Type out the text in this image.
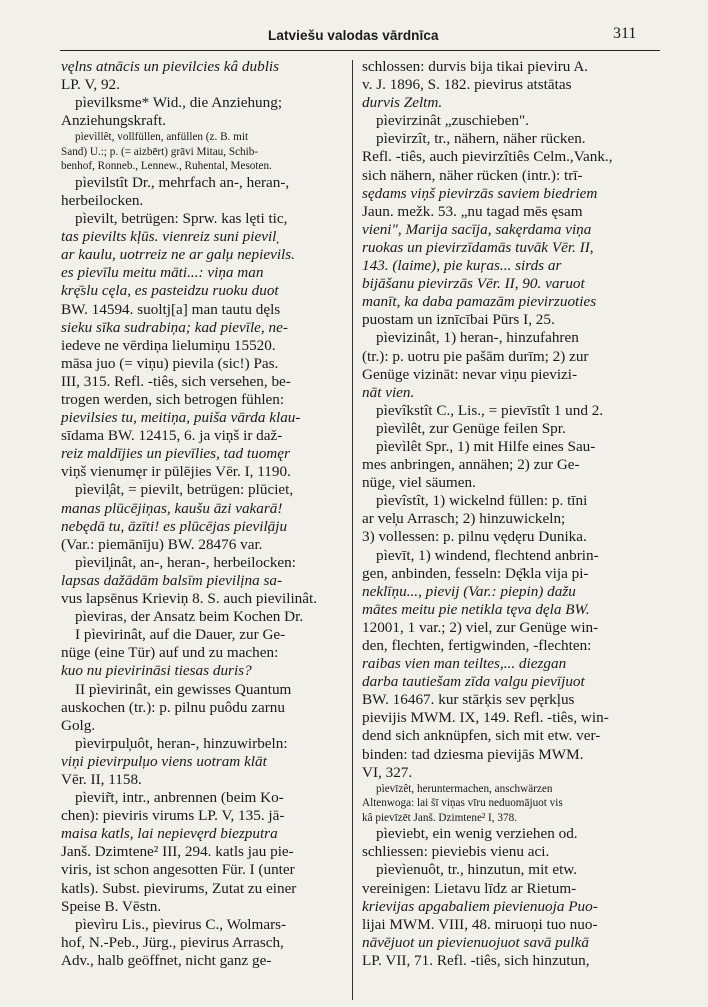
Latviešu valodas vārdnīca	311

vęlns atnācis un pievilcies kâ dublis

LP. V, 92.

pìevilksme* Wid., die Anziehung;

Anziehungskraft.

pìevìllêt, vollfüllen, anfüllen (z. B. mit

Sand) U.:; p. (= aizbērt) grāvi Mitau, Schib-

benhof, Ronneb., Lennew., Ruhental, Mesoten.

pìevilstît Dr., mehrfach an-, heran-,

herbeilocken.

pìevilt, betrügen: Sprw. kas lęti tic,

tas pievilts kļūs. vienreiz suni pievil̦

ar kaulu, uotrreiz ne ar gal̦u nepievils.

es pievīlu meitu māti...: viņa man

krę̄slu cęla, es pasteidzu ruoku duot

BW. 14594. suoltj[a] man tautu dęls

sieku sīka sudrabiņa; kad pievīle, ne-

iedeve ne vērdiņa lielumiņu 15520.

māsa juo (= viņu) pievila (sic!) Pas.

III, 315. Refl. -tiês, sich versehen, be-

trogen werden, sich betrogen fühlen:

pievilsies tu, meitiņa, puiša vārda klau-

sīdama BW. 12415, 6. ja viņš ir daž-

reiz maldījies un pievīlies, tad tuomęr

viņš vienumęr ir pūlējies Vēr. I, 1190.

pìevil̦ât, = pievilt, betrügen: plūciet,

manas plūcējiņas, kaušu āzi vakarā!

nebędā tu, āzīti! es plūcējas pievil̦āju

(Var.: piemānīju) BW. 28476 var.

pìevil̦inât, an-, heran-, herbeilocken:

lapsas dažādām balsīm pievil̦ina sa-

vus lapsēnus Krieviņ 8. S. auch pievilinât.

pìeviras, der Ansatz beim Kochen Dr.

I pìevirinât, auf die Dauer, zur Ge-

nüge (eine Tür) auf und zu machen:

kuo nu pievirināsi tiesas duris?

II pìevirinât, ein gewisses Quantum

auskochen (tr.): p. pilnu puôdu zarnu

Golg.

pìevirpul̦uôt, heran-, hinzuwirbeln:

viņi pievirpul̦uo viens uotram klāt

Vēr. II, 1158.

pìevir̃t, intr., anbrennen (beim Ko-

chen): pieviris virums LP. V, 135. jā-

maisa katls, lai nepievęrd biezputra

Janš. Dzimtene² III, 294. katls jau pie-

viris, ist schon angesotten Für. I (unter

katls). Subst. pievirums, Zutat zu einer

Speise B. Vēstn.

pìevìru Lis., pìevirus C., Wolmars-

hof, N.-Peb., Jürg., pievirus Arrasch,

Adv., halb geöffnet, nicht ganz ge-

schlossen: durvis bija tikai pieviru A.

v. J. 1896, S. 182. pievirus atstātas

durvis Zeltm.

pìevirzinât „zuschieben".

pìevirzît, tr., nähern, näher rücken.

Refl. -tiês, auch pievirzîtiês Celm.,Vank.,

sich nähern, näher rücken (intr.): trī-

sędams viņš pievirzās saviem biedriem

Jaun. mežk. 53. „nu tagad mēs ęsam

vieni", Marija sacīja, sakęrdama viņa

ruokas un pievirzīdamās tuvāk Vēr. II,

143. (laime), pie kuŗas... sirds ar

bijāšanu pievirzās Vēr. II, 90. varuot

manīt, ka daba pamazām pievirzuoties

puostam un iznīcībai Pūrs I, 25.

pìevizinât, 1) heran-, hinzufahren

(tr.): p. uotru pie pašām durīm; 2) zur

Genüge vizināt: nevar viņu pievizi-

nāt vien.

pìevîkstît C., Lis., = pievīstît 1 und 2.

pìevìlêt, zur Genüge feilen Spr.

pìevìlêt Spr., 1) mit Hilfe eines Sau-

mes anbringen, annähen; 2) zur Ge-

nüge, viel säumen.

pìevîstît, 1) wickelnd füllen: p. tīni

ar vel̦u Arrasch; 2) hinzuwickeln;

3) vollessen: p. pilnu vędęru Dunika.

pìevīt, 1) windend, flechtend anbrin-

gen, anbinden, fesseln: Dę̄kla vija pi-

neklīņu..., pievij (Var.: piepin) dažu

mātes meitu pie netikla tęva dęla BW.

12001, 1 var.; 2) viel, zur Genüge win-

den, flechten, fertigwinden, -flechten:

raibas vien man teiltes,... diezgan

darba tautiešam zīda valgu pievījuot

BW. 16467. kur stārķis sev pęrkļus

pievijis MWM. IX, 149. Refl. -tiês, win-

dend sich anknüpfen, sich mit etw. ver-

binden: tad dziesma pievijās MWM.

VI, 327.

pìevīzêt, heruntermachen, anschwärzen

Altenwoga: lai šī viņas vīru neduomājuot vis

kâ pievīzēt Janš. Dzimtene² I, 378.

pìeviebt, ein wenig verziehen od.

schliessen: pieviebis vienu aci.

pìevìenuôt, tr., hinzutun, mit etw.

vereinigen: Lietavu līdz ar Rietum-

krievijas apgabaliem pievienuoja Puo-

lijai MWM. VIII, 48. miruoņi tuo nuo-

nāvējuot un pievienuojuot savā pulkā

LP. VII, 71. Refl. -tiês, sich hinzutun,
